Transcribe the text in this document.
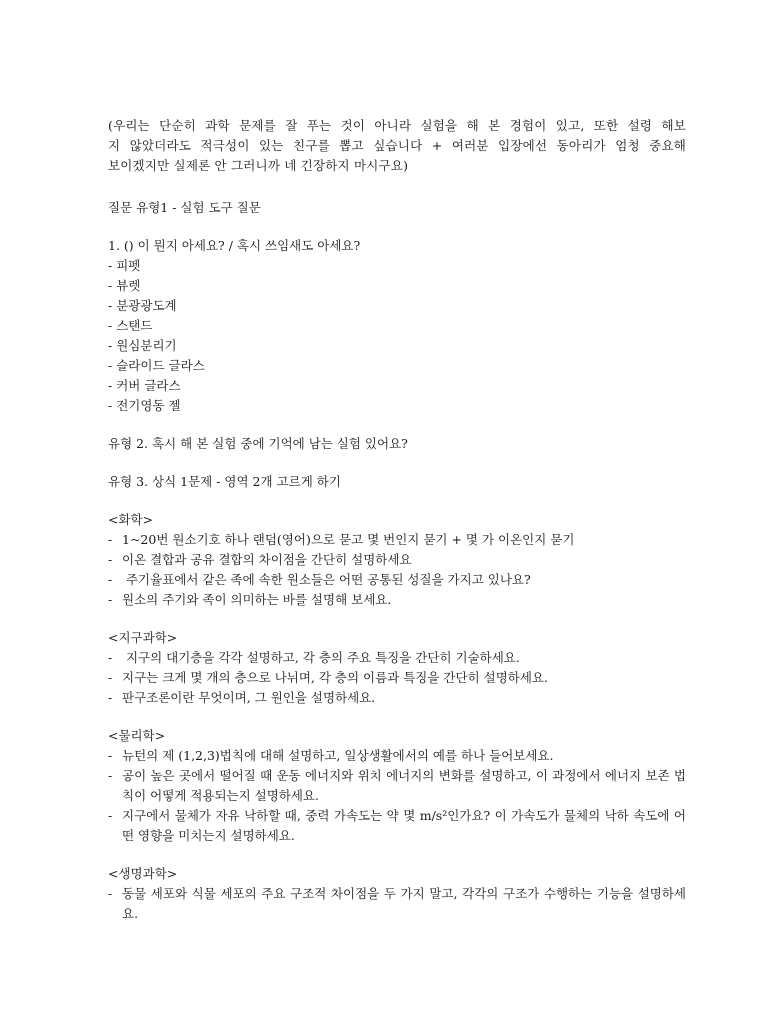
(우리는 단순히 과학 문제를 잘 푸는 것이 아니라 실험을 해 본 경험이 있고, 또한 설령 해보

지 않았더라도 적극성이 있는 친구를 뽑고 싶습니다 + 여러분 입장에선 동아리가 엄청 중요해

보이겠지만 실제론 안 그러니까 네 긴장하지 마시구요)

질문 유형1 - 실험 도구 질문

1. () 이 뭔지 아세요? / 혹시 쓰임새도 아세요?

- 피펫

- 뷰렛

- 분광광도계

- 스탠드

- 원심분리기

- 슬라이드 글라스

- 커버 글라스

- 전기영동 젤

유형 2. 혹시 해 본 실험 중에 기억에 남는 실험 있어요?

유형 3. 상식 1문제 - 영역 2개 고르게 하기

<화학>

- 1~20번 원소기호 하나 랜덤(영어)으로 묻고 몇 번인지 묻기 + 몇 가 이온인지 묻기

- 이온 결합과 공유 결합의 차이점을 간단히 설명하세요

- 주기율표에서 같은 족에 속한 원소들은 어떤 공통된 성질을 가지고 있나요?

- 원소의 주기와 족이 의미하는 바를 설명해 보세요.

<지구과학>

- 지구의 대기층을 각각 설명하고, 각 층의 주요 특징을 간단히 기술하세요.

- 지구는 크게 몇 개의 층으로 나뉘며, 각 층의 이름과 특징을 간단히 설명하세요.

- 판구조론이란 무엇이며, 그 원인을 설명하세요.

<물리학>

- 뉴턴의 제 (1,2,3)법칙에 대해 설명하고, 일상생활에서의 예를 하나 들어보세요.

- 공이 높은 곳에서 떨어질 때 운동 에너지와 위치 에너지의 변화를 설명하고, 이 과정에서 에너지 보존 법칙이 어떻게 적용되는지 설명하세요.

- 지구에서 물체가 자유 낙하할 때, 중력 가속도는 약 몇 m/s²인가요? 이 가속도가 물체의 낙하 속도에 어떤 영향을 미치는지 설명하세요.

<생명과학>

- 동물 세포와 식물 세포의 주요 구조적 차이점을 두 가지 말고, 각각의 구조가 수행하는 기능을 설명하세요.
